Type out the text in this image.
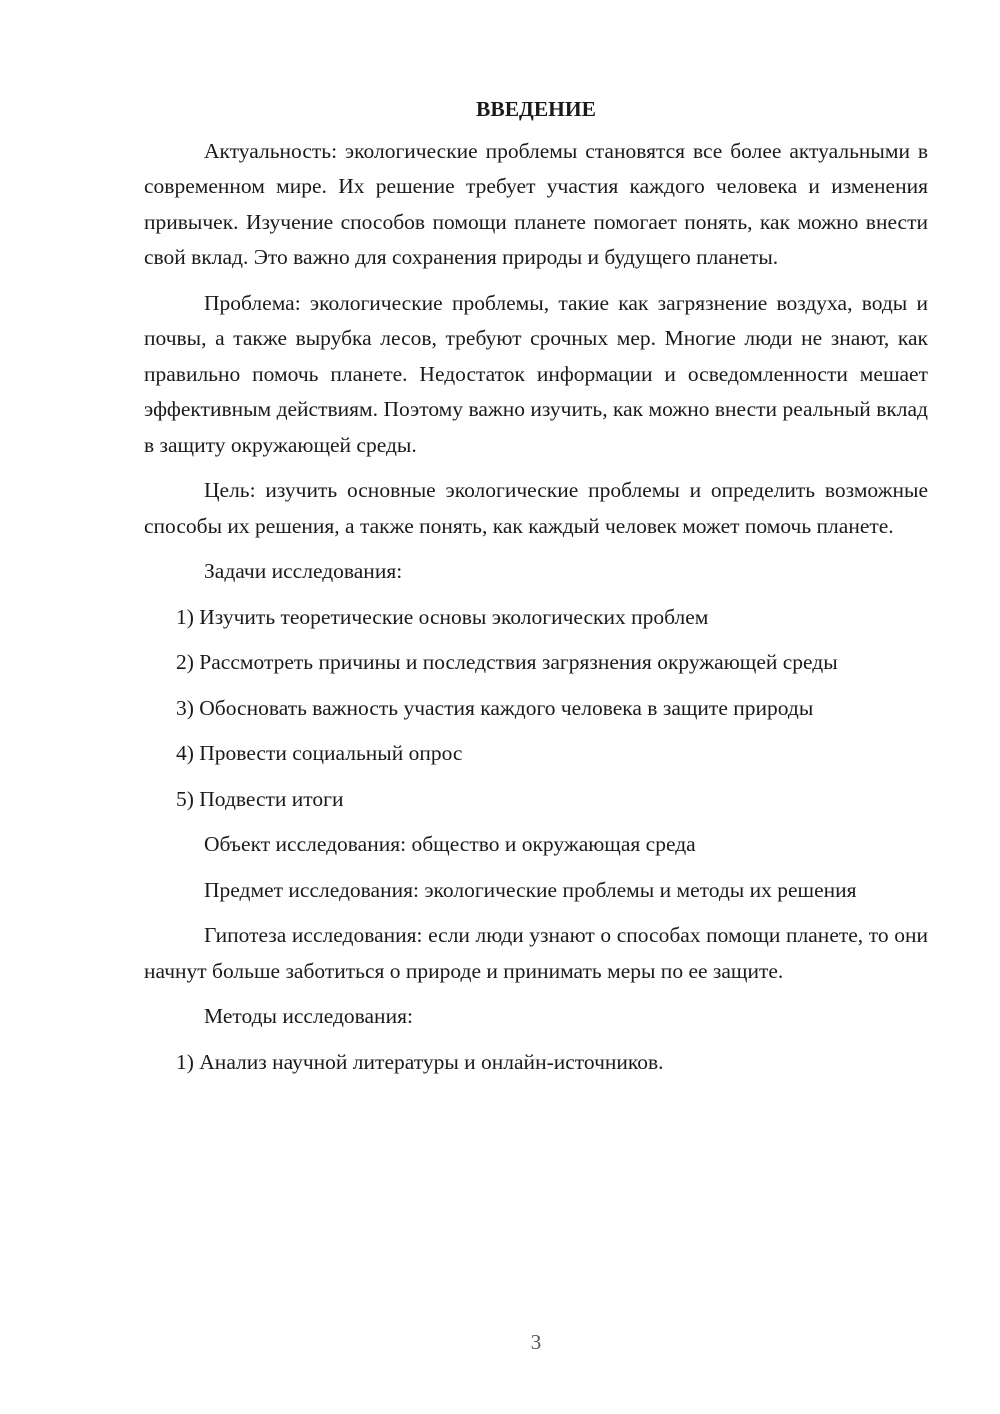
ВВЕДЕНИЕ

Актуальность: экологические проблемы становятся все более актуальными в современном мире. Их решение требует участия каждого человека и изменения привычек. Изучение способов помощи планете помогает понять, как можно внести свой вклад. Это важно для сохранения природы и будущего планеты.

Проблема: экологические проблемы, такие как загрязнение воздуха, воды и почвы, а также вырубка лесов, требуют срочных мер. Многие люди не знают, как правильно помочь планете. Недостаток информации и осведомленности мешает эффективным действиям. Поэтому важно изучить, как можно внести реальный вклад в защиту окружающей среды.

Цель: изучить основные экологические проблемы и определить возможные способы их решения, а также понять, как каждый человек может помочь планете.

Задачи исследования:

1) Изучить теоретические основы экологических проблем

2) Рассмотреть причины и последствия загрязнения окружающей среды

3) Обосновать важность участия каждого человека в защите природы

4) Провести социальный опрос

5) Подвести итоги

Объект исследования: общество и окружающая среда

Предмет исследования: экологические проблемы и методы их решения

Гипотеза исследования: если люди узнают о способах помощи планете, то они начнут больше заботиться о природе и принимать меры по ее защите.

Методы исследования:

1) Анализ научной литературы и онлайн-источников.

3
